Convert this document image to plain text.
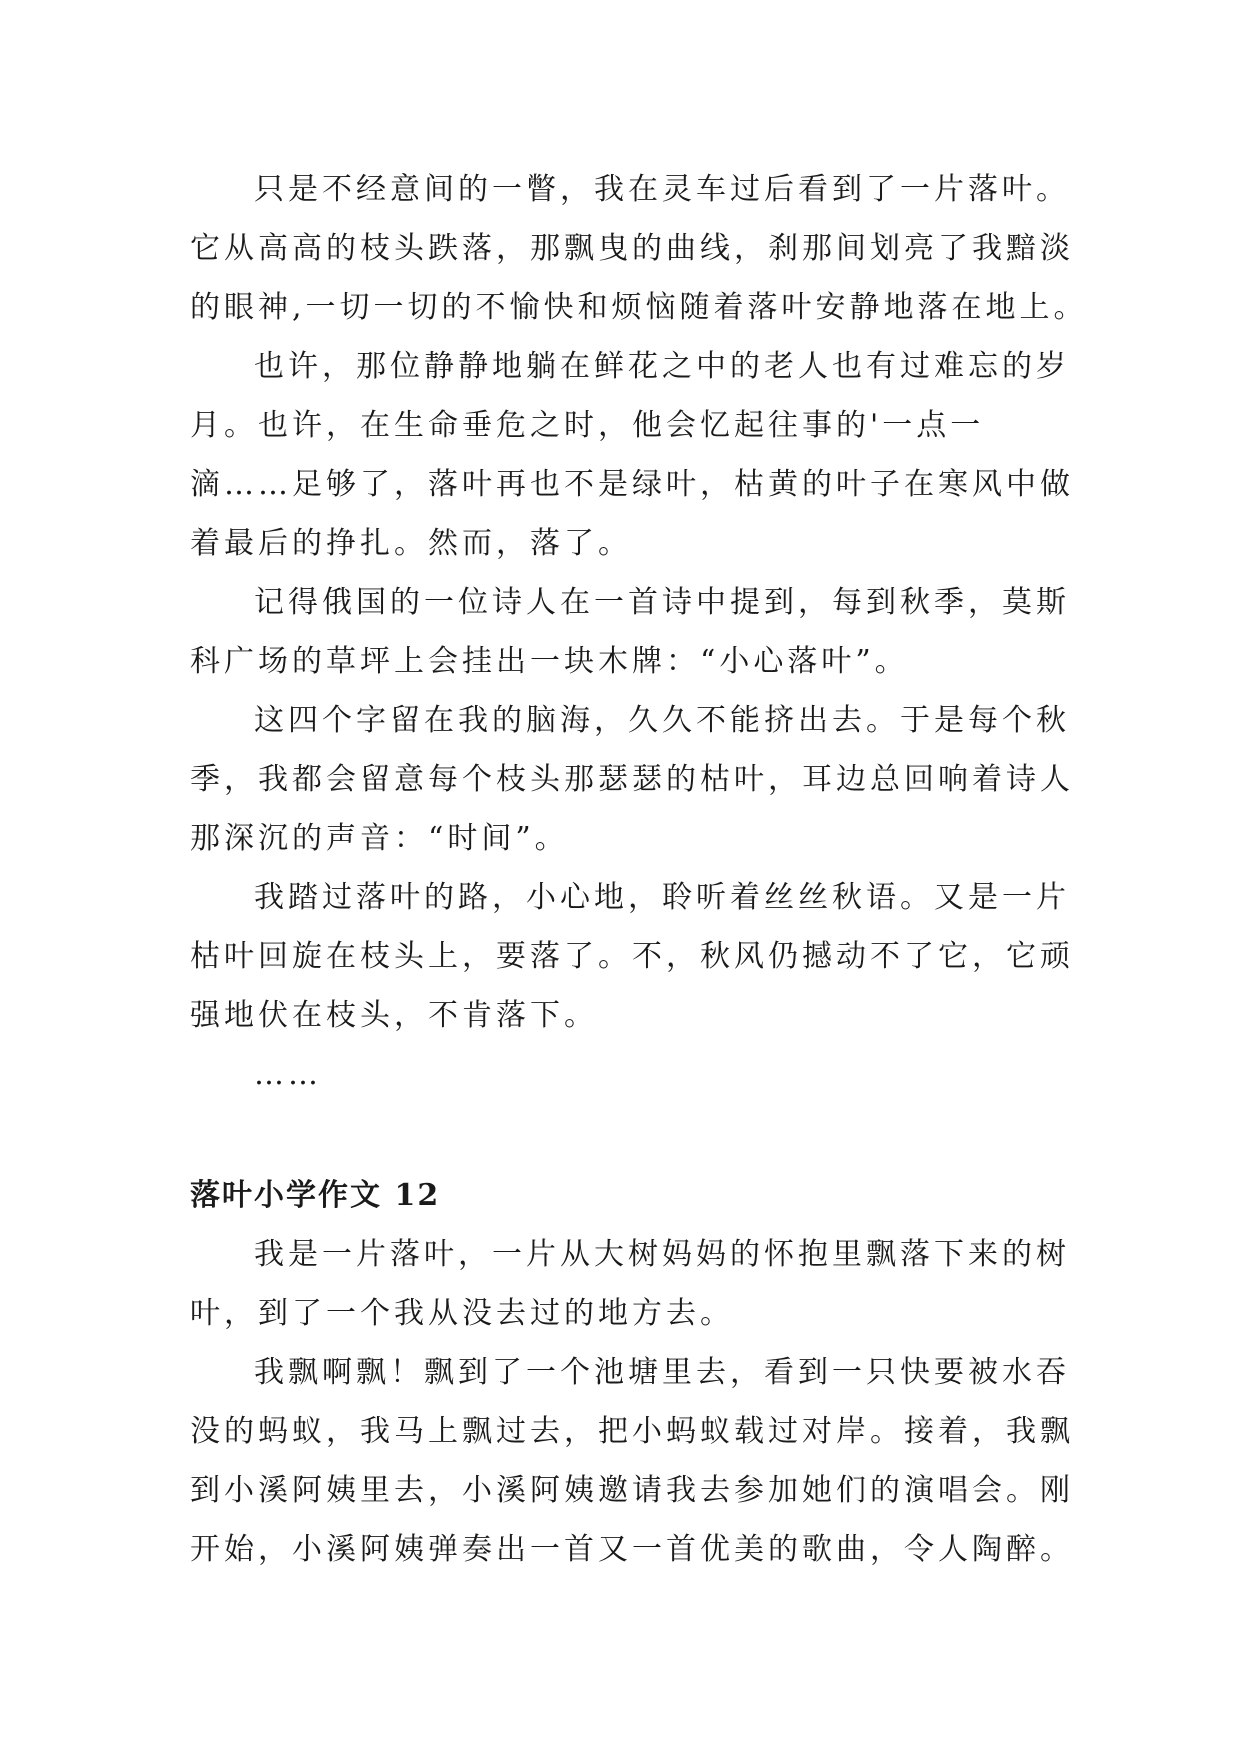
只是不经意间的一瞥，我在灵车过后看到了一片落叶。
它从高高的枝头跌落，那飘曳的曲线，刹那间划亮了我黯淡
的眼神,一切一切的不愉快和烦恼随着落叶安静地落在地上。

也许，那位静静地躺在鲜花之中的老人也有过难忘的岁
月。也许，在生命垂危之时，他会忆起往事的'一点一
滴……足够了，落叶再也不是绿叶，枯黄的叶子在寒风中做
着最后的挣扎。然而，落了。

记得俄国的一位诗人在一首诗中提到，每到秋季，莫斯
科广场的草坪上会挂出一块木牌：“小心落叶”。

这四个字留在我的脑海，久久不能挤出去。于是每个秋
季，我都会留意每个枝头那瑟瑟的枯叶，耳边总回响着诗人
那深沉的声音：“时间”。

我踏过落叶的路，小心地，聆听着丝丝秋语。又是一片
枯叶回旋在枝头上，要落了。不，秋风仍撼动不了它，它顽
强地伏在枝头，不肯落下。

……

落叶小学作文 12

我是一片落叶，一片从大树妈妈的怀抱里飘落下来的树
叶，到了一个我从没去过的地方去。

我飘啊飘！飘到了一个池塘里去，看到一只快要被水吞
没的蚂蚁，我马上飘过去，把小蚂蚁载过对岸。接着，我飘
到小溪阿姨里去，小溪阿姨邀请我去参加她们的演唱会。刚
开始，小溪阿姨弹奏出一首又一首优美的歌曲，令人陶醉。
